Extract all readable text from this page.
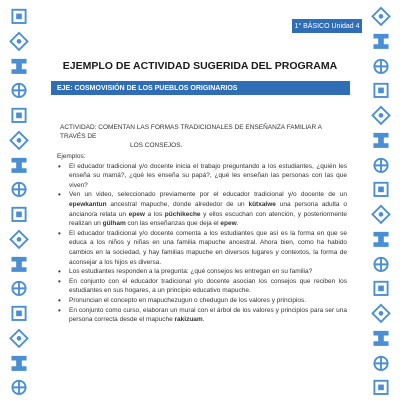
1° BÁSICO Unidad 4
EJEMPLO DE ACTIVIDAD SUGERIDA DEL PROGRAMA
EJE: COSMOVISIÓN DE LOS PUEBLOS ORIGINARIOS
ACTIVIDAD: COMENTAN LAS FORMAS TRADICIONALES DE ENSEÑANZA FAMILIAR A TRAVÉS DE
LOS CONSEJOS.
Ejemplos:
• El educador tradicional y/o docente inicia el trabajo preguntando a los estudiantes, ¿quién les enseña su mamá?, ¿qué les enseña su papá?, ¿qué les enseñan las personas con las que viven?
• Ven un video, seleccionado previamente por el educador tradicional y/o docente de un epewkantun ancestral mapuche, donde alrededor de un kütxalwe una persona adulta o anciano/a relata un epew a los püchikeche y ellos escuchan con atención, y posteriormente realizan un gülham con las enseñanzas que deja el epew.
• El educador tradicional y/o docente comenta a los estudiantes que así es la forma en que se educa a los niños y niñas en una familia mapuche ancestral. Ahora bien, como ha habido cambios en la sociedad, y hay familias mapuche en diversos lugares y contextos, la forma de aconsejar a los hijos es diversa.
• Los estudiantes responden a la pregunta: ¿qué consejos les entregan en su familia?
• En conjunto con el educador tradicional y/o docente asocian los consejos que reciben los estudiantes en sus hogares, a un principio educativo mapuche.
• Pronuncian el concepto en mapuchezugun o chedugun de los valores y principios.
• En conjunto como curso, elaboran un mural con el árbol de los valores y principios para ser una persona correcta desde el mapuche rakizuam.
